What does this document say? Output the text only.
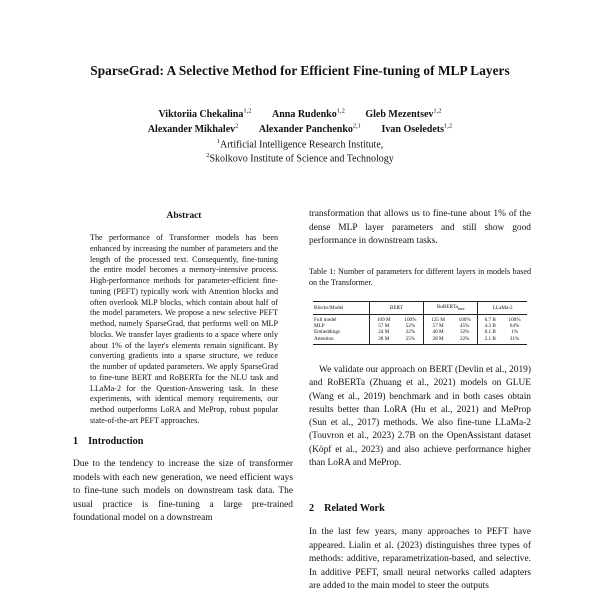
SparseGrad: A Selective Method for Efficient Fine-tuning of MLP Layers
Viktoriia Chekalina$^{1,2}$ Anna Rudenko$^{1,2}$ Gleb Mezentsev$^{1,2}$
Alexander Mikhalev$^2$ Alexander Panchenko$^{2,1}$ Ivan Oseledets$^{1,2}$
$^1$Artificial Intelligence Research Institute,
$^2$Skolkovo Institute of Science and Technology
Abstract
The performance of Transformer models has been enhanced by increasing the number of parameters and the length of the processed text. Consequently, fine-tuning the entire model becomes a memory-intensive process. High-performance methods for parameter-efficient fine-tuning (PEFT) typically work with Attention blocks and often overlook MLP blocks, which contain about half of the model parameters. We propose a new selective PEFT method, namely SparseGrad, that performs well on MLP blocks. We transfer layer gradients to a space where only about 1% of the layer's elements remain significant. By converting gradients into a sparse structure, we reduce the number of updated parameters. We apply SparseGrad to fine-tune BERT and RoBERTa for the NLU task and LLaMa-2 for the Question-Answering task. In these experiments, with identical memory requirements, our method outperforms LoRA and MeProp, robust popular state-of-the-art PEFT approaches.
1 Introduction
Due to the tendency to increase the size of transformer models with each new generation, we need efficient ways to fine-tune such models on downstream task data. The usual practice is fine-tuning a large pre-trained foundational model on a downstream
transformation that allows us to fine-tune about 1% of the dense MLP layer parameters and still show good performance in downstream tasks.
Table 1: Number of parameters for different layers in models based on the Transformer.
Blocks/Model	BERT		RoBERTa$_{base}$		LLaMa-2	
Full model	109 M	100%	125 M	100%	6.7 B	100%
MLP	57 M	52%	57 M	45%	4.3 B	64%
Embeddings	24 M	22%	40 M	32%	0.1 B	1%
Attention	28 M	25%	28 M	22%	2.1 B	31%
We validate our approach on BERT (Devlin et al., 2019) and RoBERTa (Zhuang et al., 2021) models on GLUE (Wang et al., 2019) benchmark and in both cases obtain results better than LoRA (Hu et al., 2021) and MeProp (Sun et al., 2017) methods. We also fine-tune LLaMa-2 (Touvron et al., 2023) 2.7B on the OpenAssistant dataset (Köpf et al., 2023) and also achieve performance higher than LoRA and MeProp.
2 Related Work
In the last few years, many approaches to PEFT have appeared. Lialin et al. (2023) distinguishes three types of methods: additive, reparametrization-based, and selective. In additive PEFT, small neural networks called adapters are added to the main model to steer the outputs
